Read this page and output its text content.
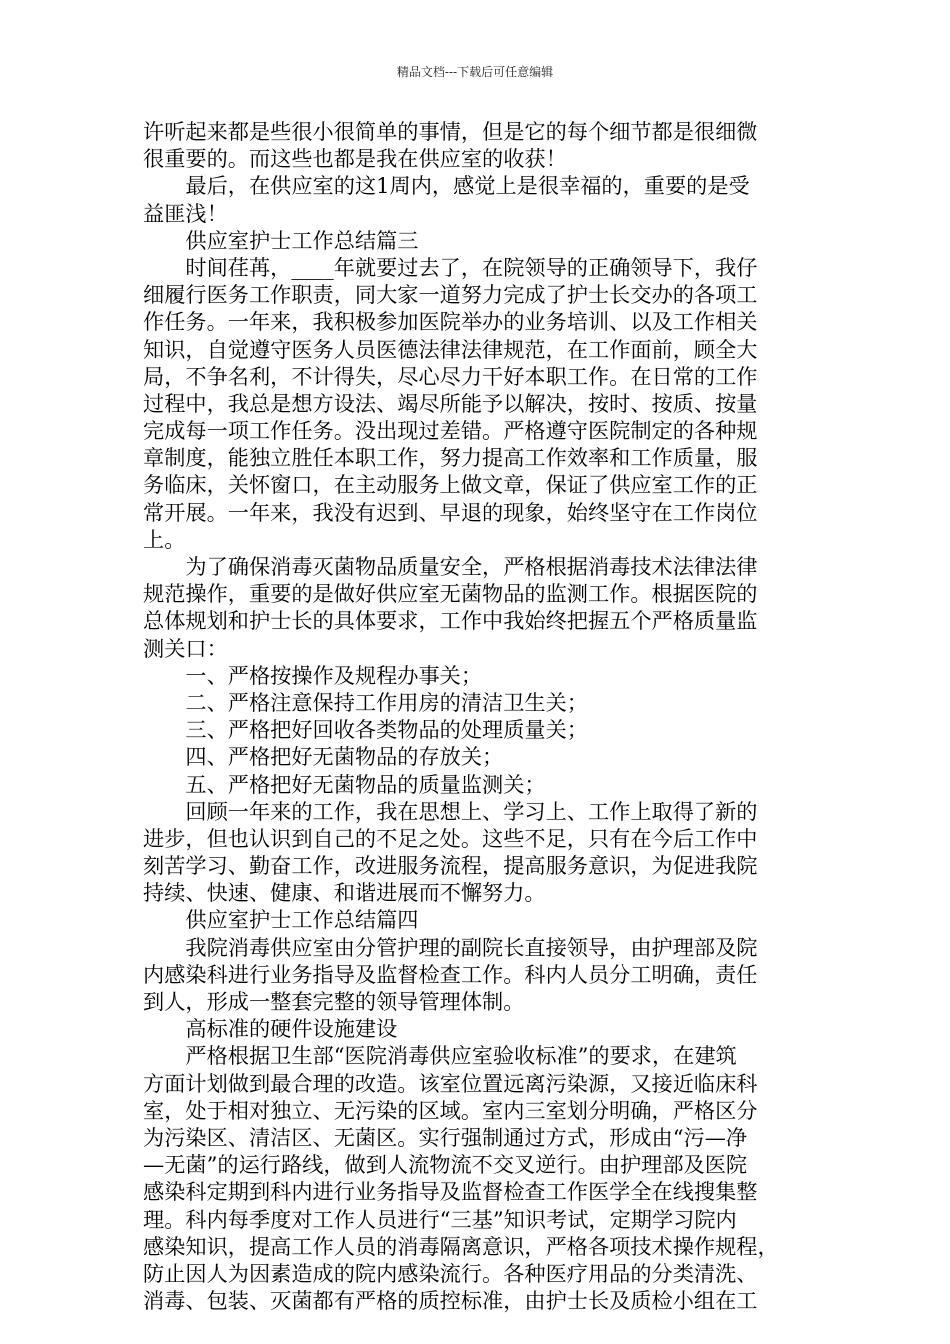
精品文档---下载后可任意编辑
许听起来都是些很小很简单的事情，但是它的每个细节都是很细微
很重要的。而这些也都是我在供应室的收获！
　　最后，在供应室的这1周内，感觉上是很幸福的，重要的是受
益匪浅！
　　供应室护士工作总结篇三
　　时间荏苒，____年就要过去了，在院领导的正确领导下，我仔
细履行医务工作职责，同大家一道努力完成了护士长交办的各项工
作任务。一年来，我积极参加医院举办的业务培训、以及工作相关
知识，自觉遵守医务人员医德法律法律规范，在工作面前，顾全大
局，不争名利，不计得失，尽心尽力干好本职工作。在日常的工作
过程中，我总是想方设法、竭尽所能予以解决，按时、按质、按量
完成每一项工作任务。没出现过差错。严格遵守医院制定的各种规
章制度，能独立胜任本职工作，努力提高工作效率和工作质量，服
务临床，关怀窗口，在主动服务上做文章，保证了供应室工作的正
常开展。一年来，我没有迟到、早退的现象，始终坚守在工作岗位
上。
　　为了确保消毒灭菌物品质量安全，严格根据消毒技术法律法律
规范操作，重要的是做好供应室无菌物品的监测工作。根据医院的
总体规划和护士长的具体要求，工作中我始终把握五个严格质量监
测关口：
　　一、严格按操作及规程办事关；
　　二、严格注意保持工作用房的清洁卫生关；
　　三、严格把好回收各类物品的处理质量关；
　　四、严格把好无菌物品的存放关；
　　五、严格把好无菌物品的质量监测关；
　　回顾一年来的工作，我在思想上、学习上、工作上取得了新的
进步，但也认识到自己的不足之处。这些不足，只有在今后工作中
刻苦学习、勤奋工作，改进服务流程，提高服务意识，为促进我院
持续、快速、健康、和谐进展而不懈努力。
　　供应室护士工作总结篇四
　　我院消毒供应室由分管护理的副院长直接领导，由护理部及院
内感染科进行业务指导及监督检查工作。科内人员分工明确，责任
到人，形成一整套完整的领导管理体制。
　　高标准的硬件设施建设
　　严格根据卫生部“医院消毒供应室验收标准”的要求，在建筑
方面计划做到最合理的改造。该室位置远离污染源，又接近临床科
室，处于相对独立、无污染的区域。室内三室划分明确，严格区分
为污染区、清洁区、无菌区。实行强制通过方式，形成由“污—净
—无菌”的运行路线，做到人流物流不交叉逆行。由护理部及医院
感染科定期到科内进行业务指导及监督检查工作医学全在线搜集整
理。科内每季度对工作人员进行“三基”知识考试，定期学习院内
感染知识，提高工作人员的消毒隔离意识，严格各项技术操作规程，
防止因人为因素造成的院内感染流行。各种医疗用品的分类清洗、
消毒、包装、灭菌都有严格的质控标准，由护士长及质检小组在工
